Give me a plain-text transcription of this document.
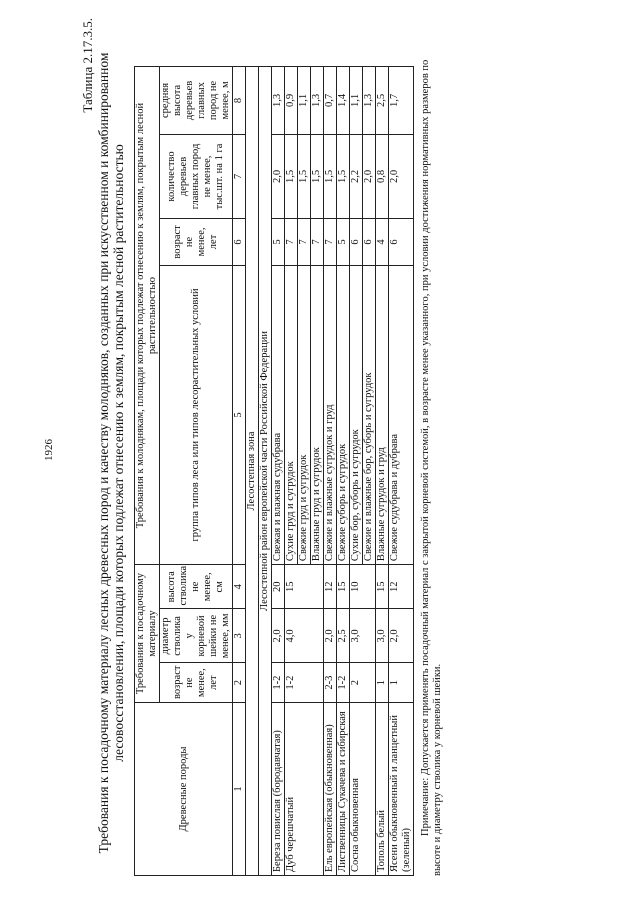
1926
Таблица 2.17.3.5. Требования к посадочному материалу лесных древесных пород и качеству молодняков, созданных при искусственном и комбинированном лесовосстановлении, площади которых подлежат отнесению к землям, покрытым лесной растительностью
Древесные породы	Требования к посадочному материалу			Требования к молоднякам, площади которых подлежат отнесению к землям, покрытым лесной растительностью			
	возраст не менее, лет	диаметр стволика у корневой шейки не менее, мм	высота стволика не менее, см	группа типов леса или типов лесорастительных условий	возраст не менее, лет	количество деревьев главных пород не менее, тыс.шт. на 1 га	средняя высота деревьев главных пород не менее, м
1	2	3	4	5	6	7	8
Лесостепная зона							
Лесостепной район европейской части Российской Федерации							
Береза повислая (бородавчатая)	1-2	2,0	20	Свежая и влажная судубрава	5	2,0	1,3
Дуб черешчатый	1-2	4,0	15	Сухие груд и сугрудок	7	1,5	0,9
				Свежие груд и сугрудок	7	1,5	1,1
				Влажные груд и сугрудок	7	1,5	1,3
Ель европейская (обыкновенная)	2-3	2,0	12	Свежие и влажные сугрудок и груд	7	1,5	0,7
Лиственницы Сукачева и сибирская	1-2	2,5	15	Свежие суборь и сугрудок	5	1,5	1,4
Сосна обыкновенная	2	3,0	10	Сухие бор, суборь и сугрудок	6	2,2	1,1
				Свежие и влажные бор, суборь и сугрудок	6	2,0	1,3
Тополь белый	1	3,0	15	Влажные сугрудок и груд	4	0,8	2,5
Ясени обыкновенный и ланцетный (зеленый)	1	2,0	12	Свежие судубрава и дубрава	6	2,0	1,7 Примечание: Допускается применять посадочный материал с закрытой корневой системой, в возрасте менее указанного, при условии достижения нормативных размеров по высоте и диаметру стволика у корневой шейки.
